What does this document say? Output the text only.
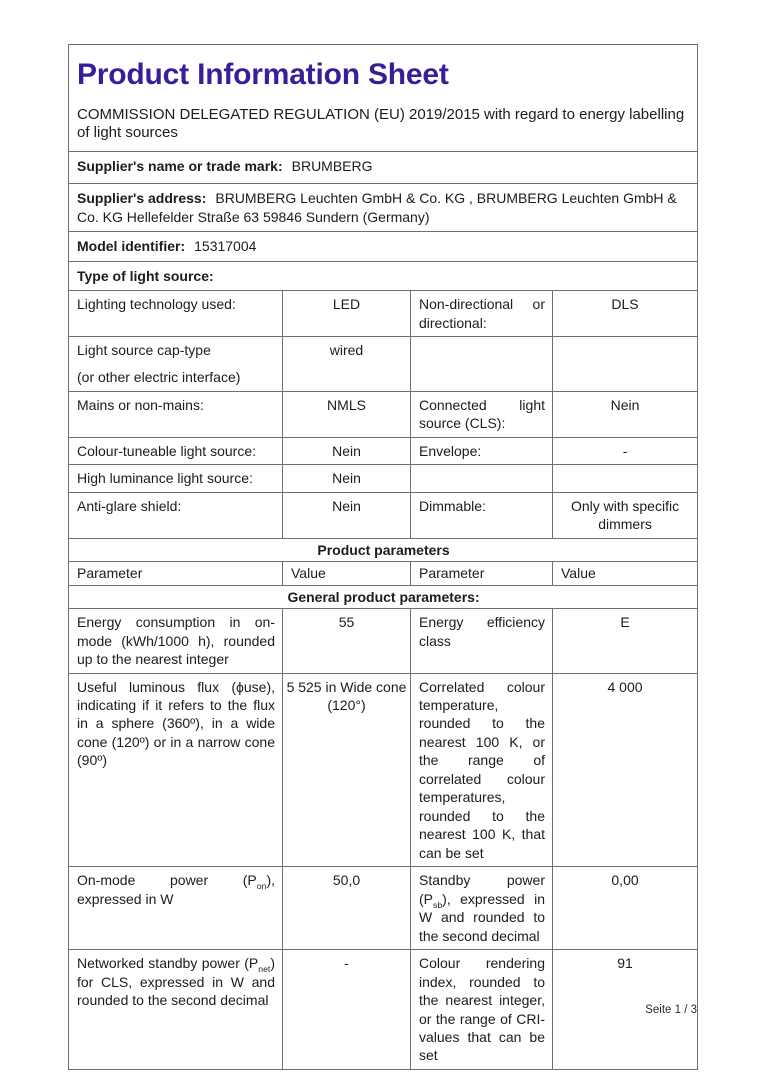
Product Information Sheet
COMMISSION DELEGATED REGULATION (EU) 2019/2015 with regard to energy labelling of light sources			

Supplier's name or trade mark: BRUMBERG			
Supplier's address: BRUMBERG Leuchten GmbH & Co. KG , BRUMBERG Leuchten GmbH & Co. KG Hellefelder Straße 63 59846 Sundern (Germany)			
Model identifier: 15317004			
Type of light source:			
Lighting technology used:	LED	Non-directional or directional:	DLS

Light source cap-type
(or other electric interface)	wired		
Mains or non-mains:	NMLS	Connected light source (CLS):	Nein
Colour-tuneable light source:	Nein	Envelope:	-
High luminance light source:	Nein		
Anti-glare shield:	Nein	Dimmable:	Only with specific dimmers
Product parameters			
Parameter	Value	Parameter	Value
General product parameters:			
Energy consumption in on-mode (kWh/1000 h), rounded up to the nearest integer	55	Energy efficiency class	E
Useful luminous flux (ϕuse), indicating if it refers to the flux in a sphere (360º), in a wide cone (120º) or in a narrow cone (90º)	5 525 in Wide cone (120°)	Correlated colour temperature, rounded to the nearest 100 K, or the range of correlated colour temperatures, rounded to the nearest 100 K, that can be set	4 000
On-mode power $(P_{on})$, expressed in W	50,0	Standby power $(P_{sb})$, expressed in W and rounded to the second decimal	0,00
Networked standby power $(P_{net})$ for CLS, expressed in W and rounded to the second decimal	-	Colour rendering index, rounded to the nearest integer, or the range of CRI-values that can be set	91
Seite 1 / 3
